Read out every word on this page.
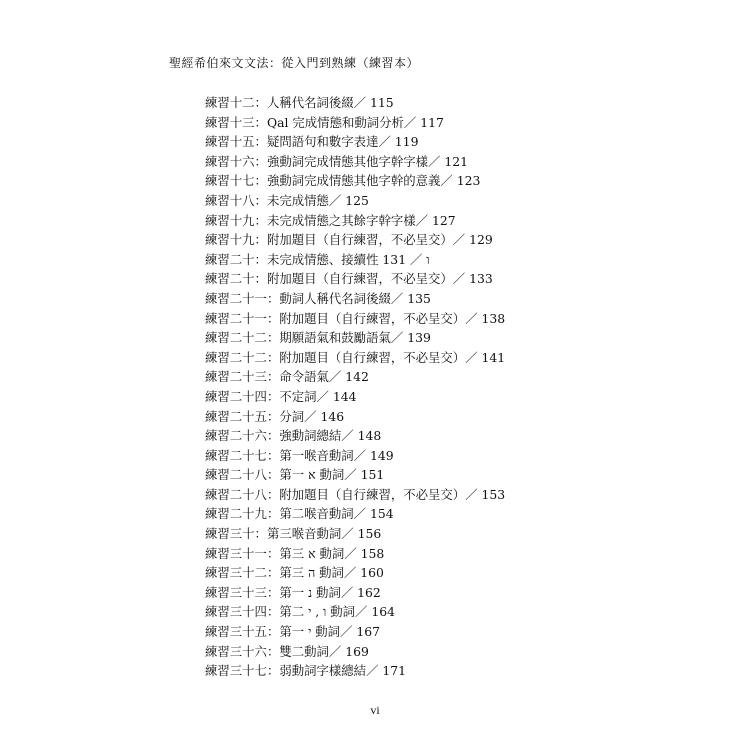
聖經希伯來文文法：從入門到熟練（練習本）
練習十二：人稱代名詞後綴／ 115
練習十三：Qal 完成情態和動詞分析／ 117
練習十五：疑問語句和數字表達／ 119
練習十六：強動詞完成情態其他字幹字樣／ 121
練習十七：強動詞完成情態其他字幹的意義／ 123
練習十八：未完成情態／ 125
練習十九：未完成情態之其餘字幹字樣／ 127
練習十九：附加題目（自行練習，不必呈交）／ 129
練習二十：未完成情態、接續性 ו ／ 131
練習二十：附加題目（自行練習，不必呈交）／ 133
練習二十一：動詞人稱代名詞後綴／ 135
練習二十一：附加題目（自行練習，不必呈交）／ 138
練習二十二：期願語氣和鼓勵語氣／ 139
練習二十二：附加題目（自行練習，不必呈交）／ 141
練習二十三：命令語氣／ 142
練習二十四：不定詞／ 144
練習二十五：分詞／ 146
練習二十六：強動詞總結／ 148
練習二十七：第一喉音動詞／ 149
練習二十八：第一 א 動詞／ 151
練習二十八：附加題目（自行練習，不必呈交）／ 153
練習二十九：第二喉音動詞／ 154
練習三十：第三喉音動詞／ 156
練習三十一：第三 א 動詞／ 158
練習三十二：第三 ה 動詞／ 160
練習三十三：第一 נ 動詞／ 162
練習三十四：第二 ו , י 動詞／ 164
練習三十五：第一 י 動詞／ 167
練習三十六：雙二動詞／ 169
練習三十七：弱動詞字樣總結／ 171
vi
